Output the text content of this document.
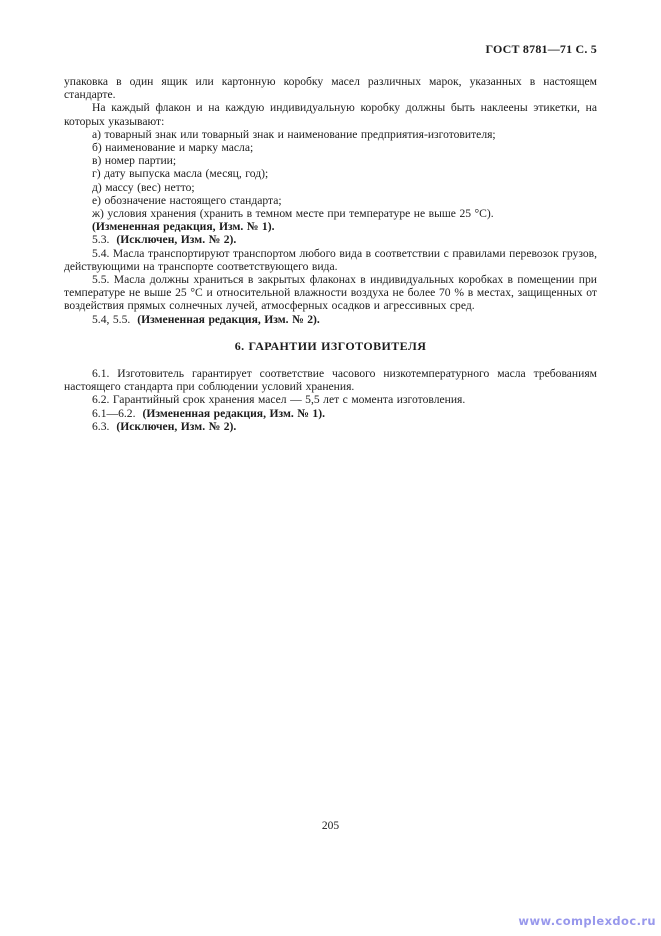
ГОСТ 8781—71 С. 5

упаковка в один ящик или картонную коробку масел различных марок, указанных в настоящем стандарте.

На каждый флакон и на каждую индивидуальную коробку должны быть наклеены этикетки, на которых указывают:

а) товарный знак или товарный знак и наименование предприятия-изготовителя;
б) наименование и марку масла;
в) номер партии;
г) дату выпуска масла (месяц, год);
д) массу (вес) нетто;
е) обозначение настоящего стандарта;
ж) условия хранения (хранить в темном месте при температуре не выше 25 °С).

(Измененная редакция, Изм. № 1).

5.3. (Исключен, Изм. № 2).

5.4. Масла транспортируют транспортом любого вида в соответствии с правилами перевозок грузов, действующими на транспорте соответствующего вида.

5.5. Масла должны храниться в закрытых флаконах в индивидуальных коробках в помещении при температуре не выше 25 °С и относительной влажности воздуха не более 70 % в местах, защищенных от воздействия прямых солнечных лучей, атмосферных осадков и агрессивных сред.

5.4, 5.5. (Измененная редакция, Изм. № 2).

6. ГАРАНТИИ ИЗГОТОВИТЕЛЯ

6.1. Изготовитель гарантирует соответствие часового низкотемпературного масла требованиям настоящего стандарта при соблюдении условий хранения.

6.2. Гарантийный срок хранения масел — 5,5 лет с момента изготовления.

6.1—6.2. (Измененная редакция, Изм. № 1).

6.3. (Исключен, Изм. № 2).

205
www.complexdoc.ru
